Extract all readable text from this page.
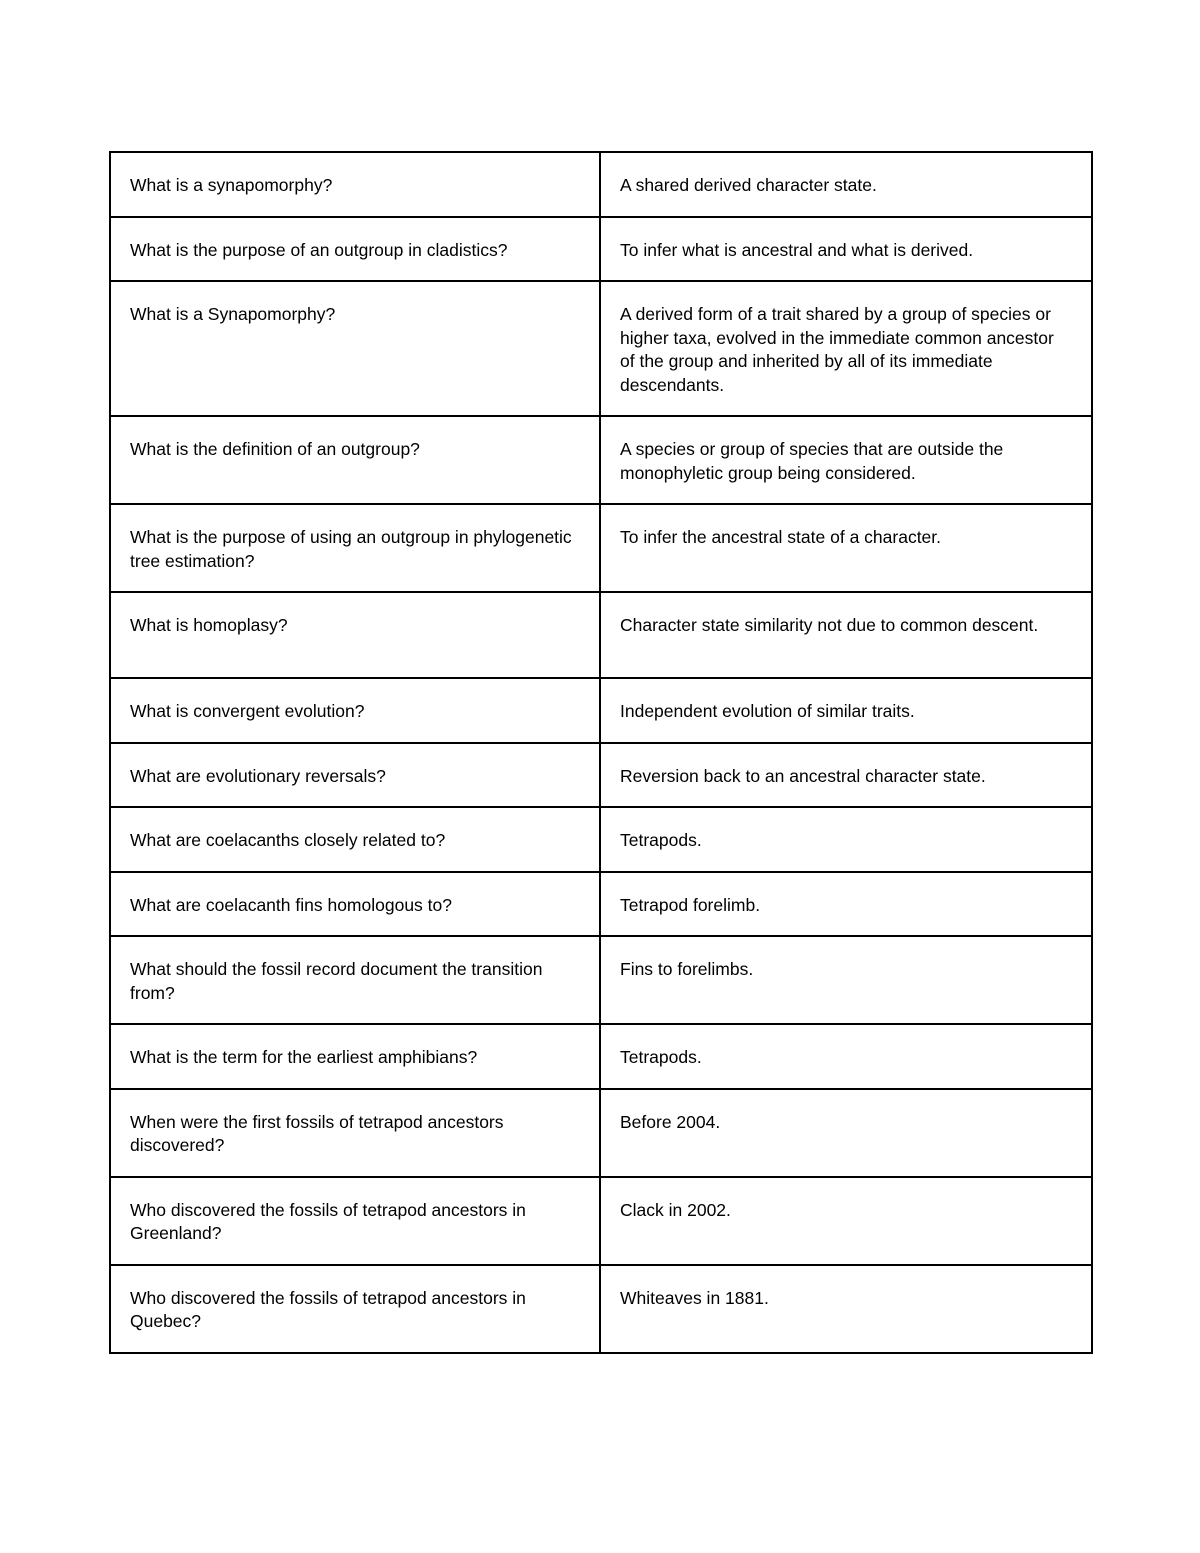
What is a synapomorphy?	A shared derived character state.
What is the purpose of an outgroup in cladistics?	To infer what is ancestral and what is derived.
What is a Synapomorphy?	A derived form of a trait shared by a group of species or higher taxa, evolved in the immediate common ancestor of the group and inherited by all of its immediate descendants.
What is the definition of an outgroup?	A species or group of species that are outside the monophyletic group being considered.
What is the purpose of using an outgroup in phylogenetic tree estimation?	To infer the ancestral state of a character.
What is homoplasy?	Character state similarity not due to common descent.
What is convergent evolution?	Independent evolution of similar traits.
What are evolutionary reversals?	Reversion back to an ancestral character state.
What are coelacanths closely related to?	Tetrapods.
What are coelacanth fins homologous to?	Tetrapod forelimb.
What should the fossil record document the transition from?	Fins to forelimbs.
What is the term for the earliest amphibians?	Tetrapods.
When were the first fossils of tetrapod ancestors discovered?	Before 2004.
Who discovered the fossils of tetrapod ancestors in Greenland?	Clack in 2002.
Who discovered the fossils of tetrapod ancestors in Quebec?	Whiteaves in 1881.
